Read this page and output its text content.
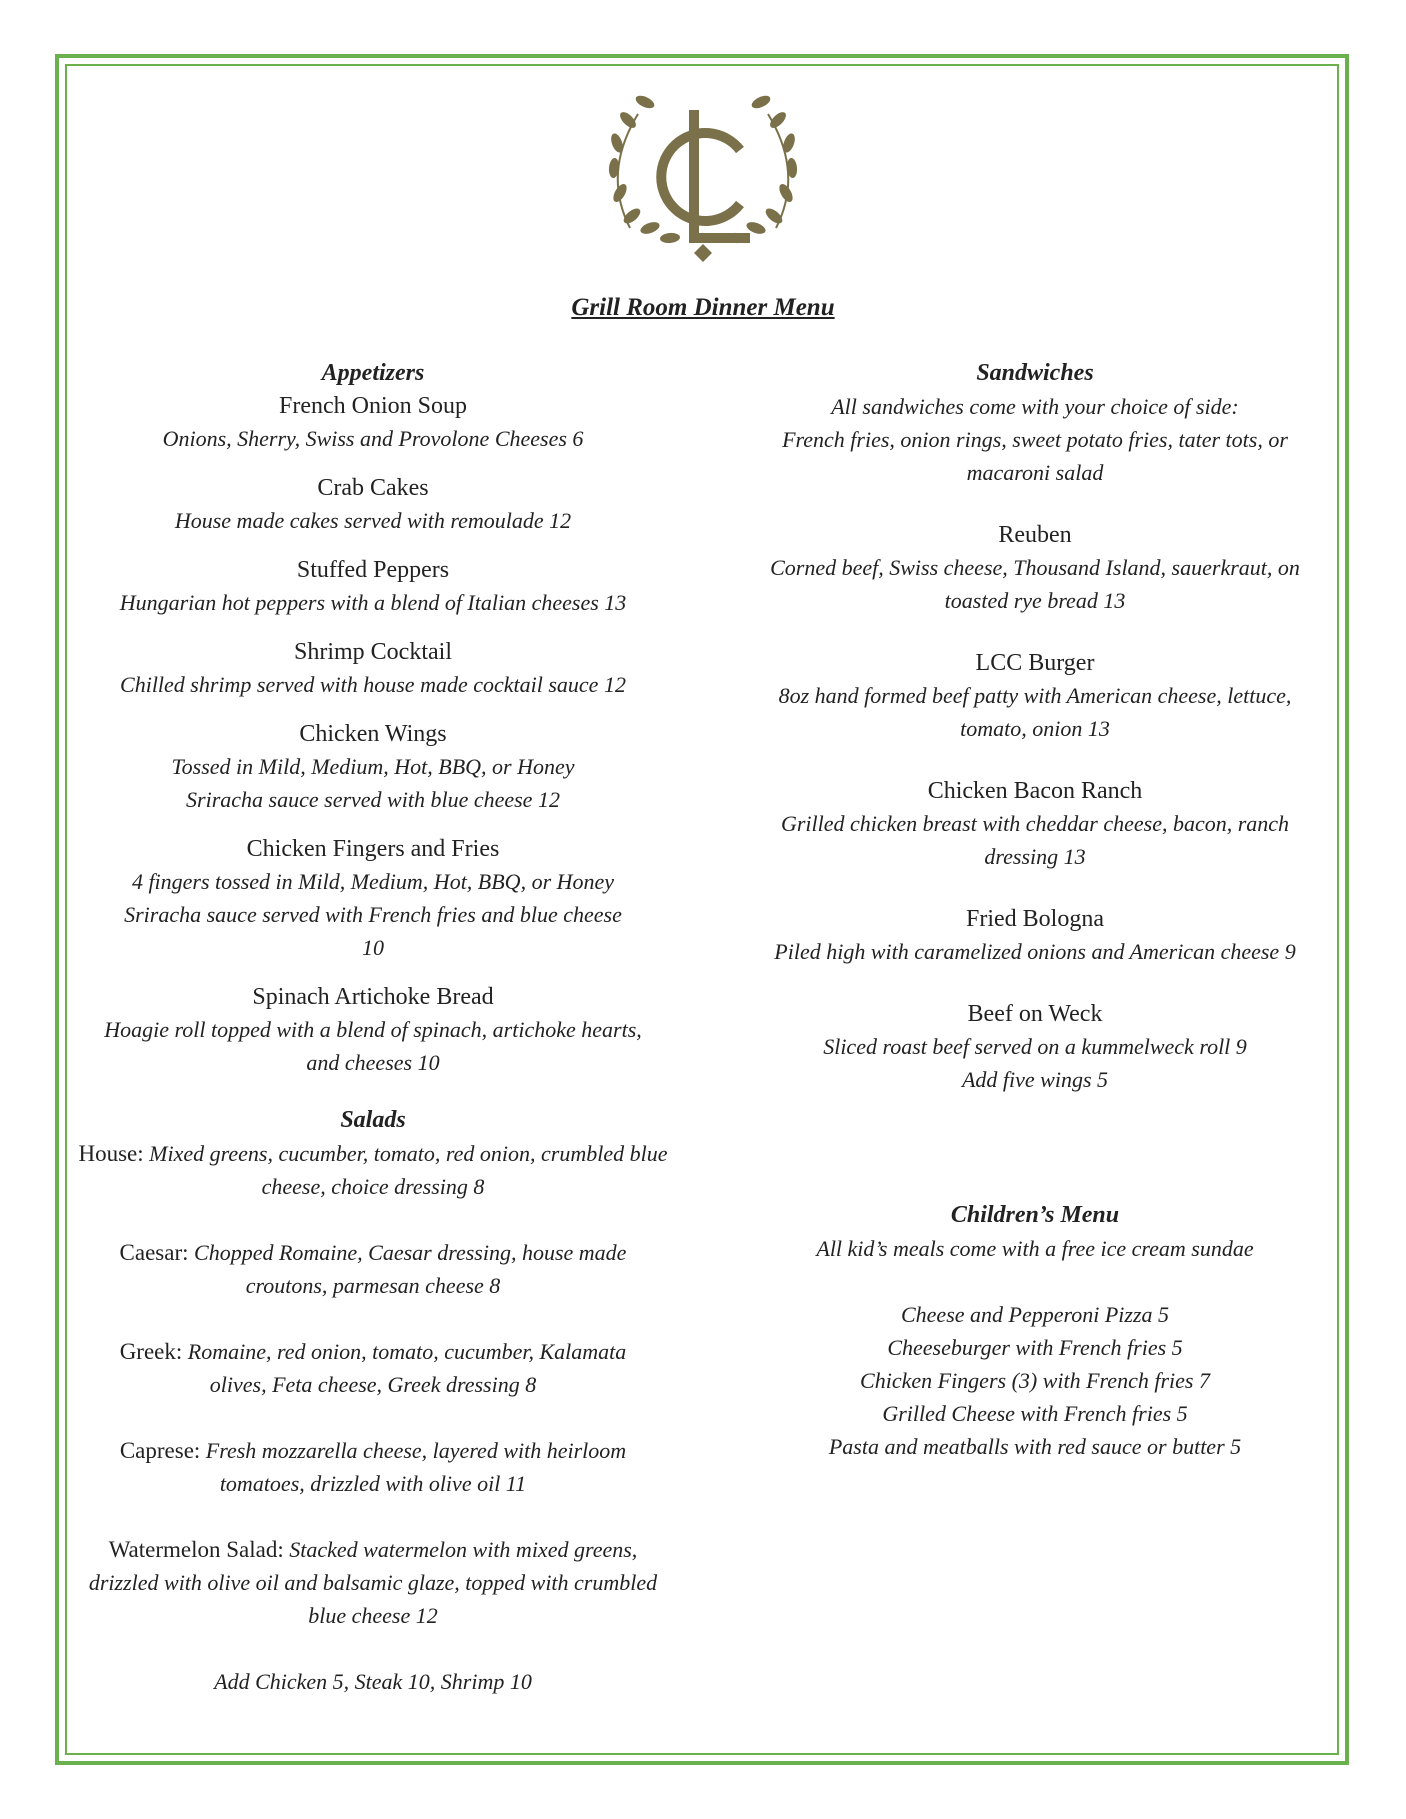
Grill Room Dinner Menu
Appetizers
French Onion Soup
Onions, Sherry, Swiss and Provolone Cheeses 6
Crab Cakes
House made cakes served with remoulade 12
Stuffed Peppers
Hungarian hot peppers with a blend of Italian cheeses 13
Shrimp Cocktail
Chilled shrimp served with house made cocktail sauce 12
Chicken Wings
Tossed in Mild, Medium, Hot, BBQ, or Honey Sriracha sauce served with blue cheese 12
Chicken Fingers and Fries
4 fingers tossed in Mild, Medium, Hot, BBQ, or Honey Sriracha sauce served with French fries and blue cheese 10
Spinach Artichoke Bread
Hoagie roll topped with a blend of spinach, artichoke hearts, and cheeses 10
Salads
House: Mixed greens, cucumber, tomato, red onion, crumbled blue cheese, choice dressing 8
Caesar: Chopped Romaine, Caesar dressing, house made croutons, parmesan cheese 8
Greek: Romaine, red onion, tomato, cucumber, Kalamata olives, Feta cheese, Greek dressing 8
Caprese: Fresh mozzarella cheese, layered with heirloom tomatoes, drizzled with olive oil 11
Watermelon Salad: Stacked watermelon with mixed greens, drizzled with olive oil and balsamic glaze, topped with crumbled blue cheese 12
Add Chicken 5, Steak 10, Shrimp 10
Sandwiches
All sandwiches come with your choice of side:
French fries, onion rings, sweet potato fries, tater tots, or macaroni salad
Reuben
Corned beef, Swiss cheese, Thousand Island, sauerkraut, on toasted rye bread 13
LCC Burger
8oz hand formed beef patty with American cheese, lettuce, tomato, onion 13
Chicken Bacon Ranch
Grilled chicken breast with cheddar cheese, bacon, ranch dressing 13
Fried Bologna
Piled high with caramelized onions and American cheese 9
Beef on Weck
Sliced roast beef served on a kummelweck roll 9
Add five wings 5
Children’s Menu
All kid’s meals come with a free ice cream sundae
Cheese and Pepperoni Pizza 5
Cheeseburger with French fries 5
Chicken Fingers (3) with French fries 7
Grilled Cheese with French fries 5
Pasta and meatballs with red sauce or butter 5
